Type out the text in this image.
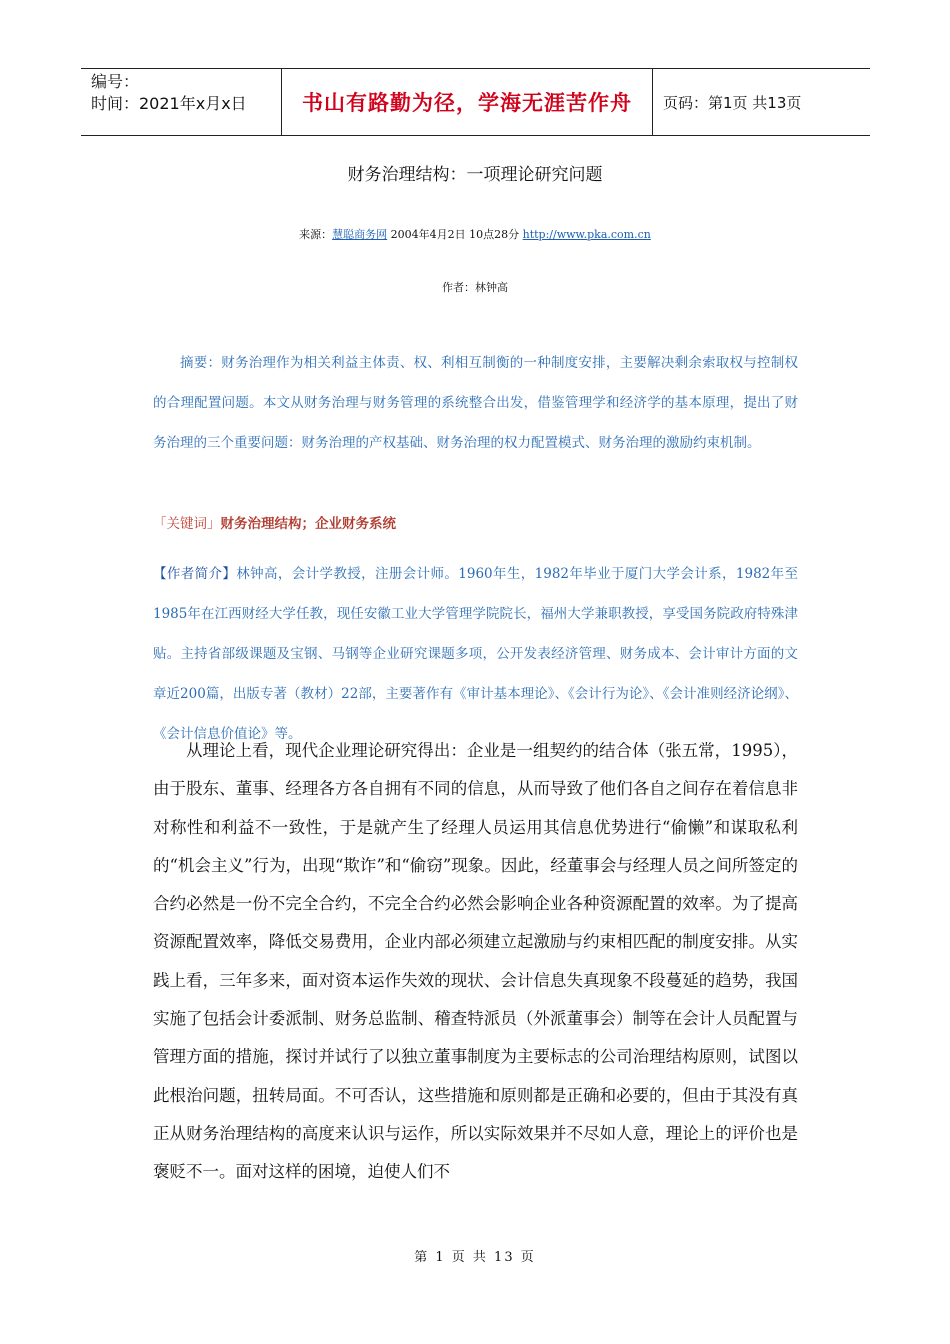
编号：
时间：2021年x月x日	书山有路勤为径，学海无涯苦作舟	页码：第1页 共13页
财务治理结构：一项理论研究问题
来源：慧聪商务网 2004年4月2日 10点28分 http://www.pka.com.cn
作者：林钟高

摘要：财务治理作为相关利益主体责、权、利相互制衡的一种制度安排，主要解决剩余索取权与控制权的合理配置问题。本文从财务治理与财务管理的系统整合出发，借鉴管理学和经济学的基本原理，提出了财务治理的三个重要问题：财务治理的产权基础、财务治理的权力配置模式、财务治理的激励约束机制。

「关键词」财务治理结构；企业财务系统
【作者简介】林钟高，会计学教授，注册会计师。1960年生，1982年毕业于厦门大学会计系，1982年至1985年在江西财经大学任教，现任安徽工业大学管理学院院长，福州大学兼职教授，享受国务院政府特殊津贴。主持省部级课题及宝钢、马钢等企业研究课题多项，公开发表经济管理、财务成本、会计审计方面的文章近200篇，出版专著（教材）22部，主要著作有《审计基本理论》、《会计行为论》、《会计准则经济论纲》、《会计信息价值论》等。

从理论上看，现代企业理论研究得出：企业是一组契约的结合体（张五常，1995），由于股东、董事、经理各方各自拥有不同的信息，从而导致了他们各自之间存在着信息非对称性和利益不一致性，于是就产生了经理人员运用其信息优势进行“偷懒”和谋取私利的“机会主义”行为，出现“欺诈”和“偷窃”现象。因此，经董事会与经理人员之间所签定的合约必然是一份不完全合约，不完全合约必然会影响企业各种资源配置的效率。为了提高资源配置效率，降低交易费用，企业内部必须建立起激励与约束相匹配的制度安排。从实践上看，三年多来，面对资本运作失效的现状、会计信息失真现象不段蔓延的趋势，我国实施了包括会计委派制、财务总监制、稽查特派员（外派董事会）制等在会计人员配置与管理方面的措施，探讨并试行了以独立董事制度为主要标志的公司治理结构原则，试图以此根治问题，扭转局面。不可否认，这些措施和原则都是正确和必要的，但由于其没有真正从财务治理结构的高度来认识与运作，所以实际效果并不尽如人意，理论上的评价也是褒贬不一。面对这样的困境，迫使人们不

第 1 页 共 13 页
